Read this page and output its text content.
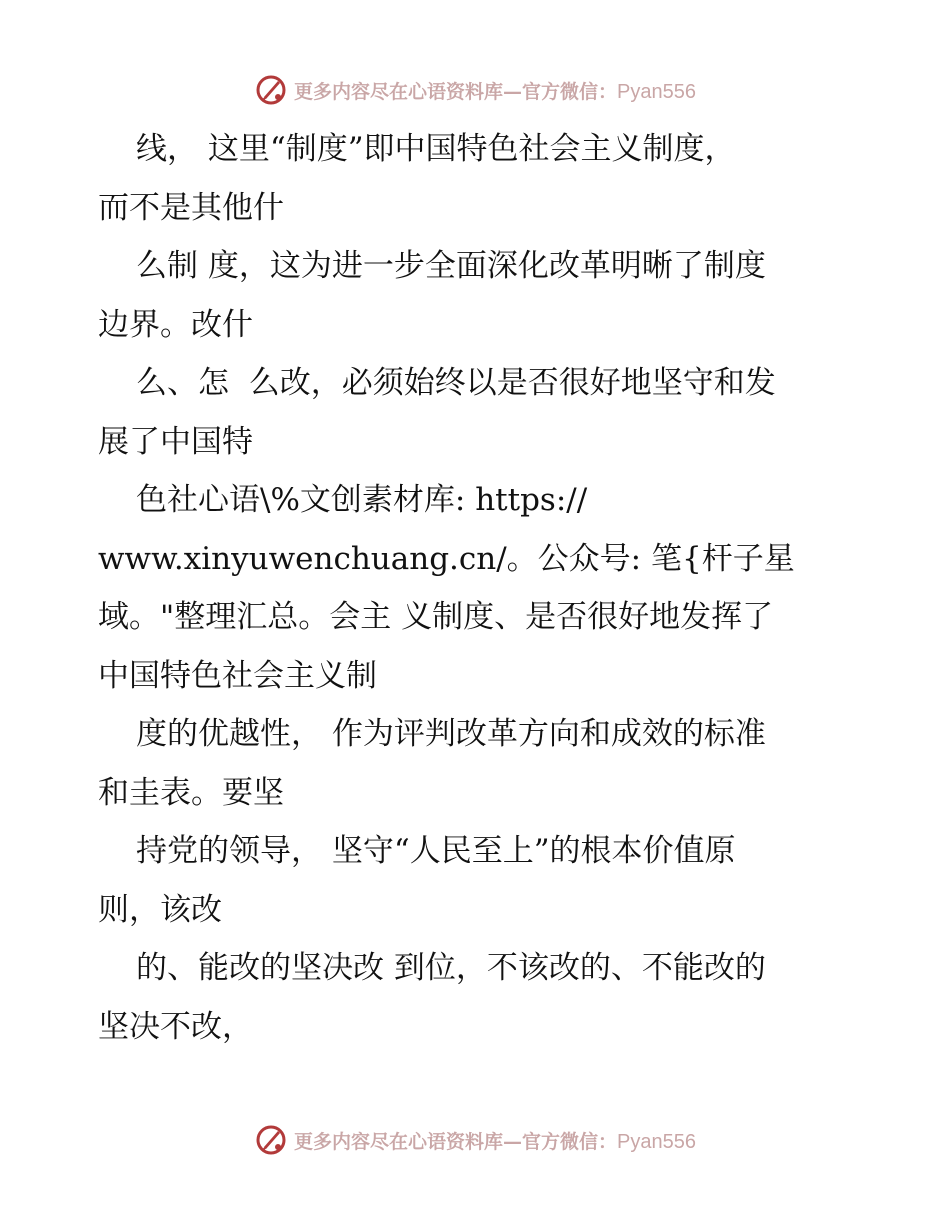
更多内容尽在心语资料库—官方微信：Pyan556
线， 这里“制度”即中国特色社会主义制度，
而不是其他什
么制 度，这为进一步全面深化改革明晰了制度
边界。改什
么、怎  么改，必须始终以是否很好地坚守和发
展了中国特
色社心语\%文创素材库: https://
www.xinyuwenchuang.cn/。公众号: 笔{杆子星
域。"整理汇总。会主 义制度、是否很好地发挥了
中国特色社会主义制
度的优越性， 作为评判改革方向和成效的标准
和圭表。要坚
持党的领导， 坚守“人民至上”的根本价值原
则，该改
的、能改的坚决改 到位，不该改的、不能改的
坚决不改，
更多内容尽在心语资料库—官方微信：Pyan556
